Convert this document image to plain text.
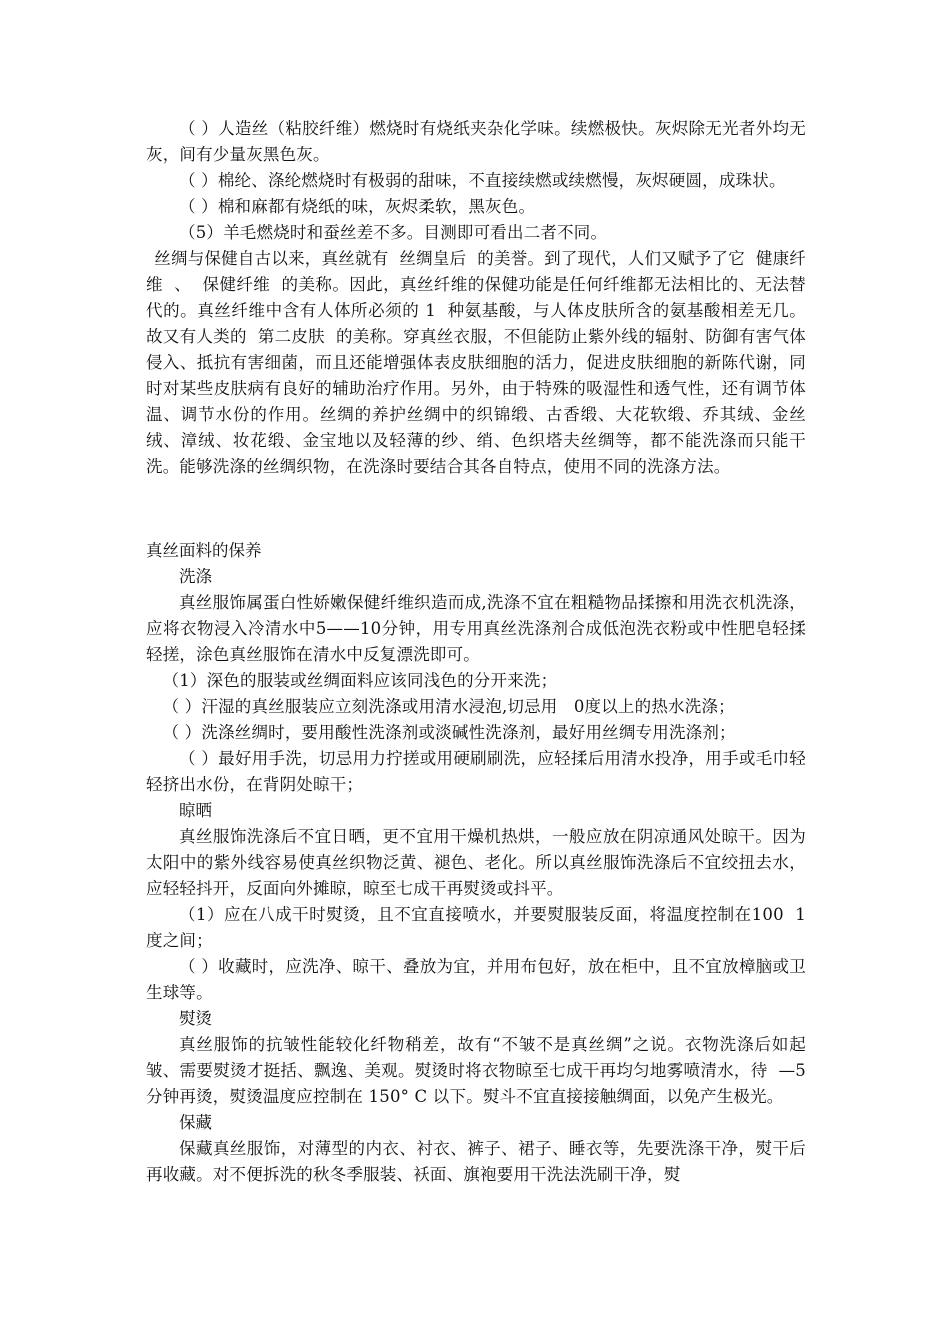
（ ）人造丝（粘胶纤维）燃烧时有烧纸夹杂化学味。续燃极快。灰烬除无光者外均无灰，间有少量灰黑色灰。

（ ）棉纶、涤纶燃烧时有极弱的甜味，不直接续燃或续燃慢，灰烬硬圆，成珠状。

（ ）棉和麻都有烧纸的味，灰烬柔软，黑灰色。

（5）羊毛燃烧时和蚕丝差不多。目测即可看出二者不同。

丝绸与保健自古以来，真丝就有  丝绸皇后  的美誉。到了现代，人们又赋予了它  健康纤维  、  保健纤维  的美称。因此，真丝纤维的保健功能是任何纤维都无法相比的、无法替代的。真丝纤维中含有人体所必须的 1  种氨基酸，与人体皮肤所含的氨基酸相差无几。故又有人类的  第二皮肤  的美称。穿真丝衣服，不但能防止紫外线的辐射、防御有害气体侵入、抵抗有害细菌，而且还能增强体表皮肤细胞的活力，促进皮肤细胞的新陈代谢，同时对某些皮肤病有良好的辅助治疗作用。另外，由于特殊的吸湿性和透气性，还有调节体温、调节水份的作用。丝绸的养护丝绸中的织锦缎、古香缎、大花软缎、乔其绒、金丝绒、漳绒、妆花缎、金宝地以及轻薄的纱、绡、色织塔夫丝绸等，都不能洗涤而只能干洗。能够洗涤的丝绸织物，在洗涤时要结合其各自特点，使用不同的洗涤方法。

真丝面料的保养

洗涤

真丝服饰属蛋白性娇嫩保健纤维织造而成,洗涤不宜在粗糙物品揉擦和用洗衣机洗涤，应将衣物浸入冷清水中5——10分钟，用专用真丝洗涤剂合成低泡洗衣粉或中性肥皂轻揉轻搓，涂色真丝服饰在清水中反复漂洗即可。

（1）深色的服装或丝绸面料应该同浅色的分开来洗；

（ ）汗湿的真丝服装应立刻洗涤或用清水浸泡,切忌用   0度以上的热水洗涤；

（ ）洗涤丝绸时，要用酸性洗涤剂或淡碱性洗涤剂，最好用丝绸专用洗涤剂；

（ ）最好用手洗，切忌用力拧搓或用硬刷刷洗，应轻揉后用清水投净，用手或毛巾轻轻挤出水份，在背阴处晾干；

晾晒

真丝服饰洗涤后不宜日晒，更不宜用干燥机热烘，一般应放在阴凉通风处晾干。因为太阳中的紫外线容易使真丝织物泛黄、褪色、老化。所以真丝服饰洗涤后不宜绞扭去水，应轻轻抖开，反面向外摊晾，晾至七成干再熨烫或抖平。

（1）应在八成干时熨烫，且不宜直接喷水，并要熨服装反面，将温度控制在100  1  度之间；

（ ）收藏时，应洗净、晾干、叠放为宜，并用布包好，放在柜中，且不宜放樟脑或卫生球等。

熨烫

真丝服饰的抗皱性能较化纤物稍差，故有“不皱不是真丝绸”之说。衣物洗涤后如起皱、需要熨烫才挺括、飘逸、美观。熨烫时将衣物晾至七成干再均匀地雾喷清水，待  —5 分钟再烫，熨烫温度应控制在 150° C 以下。熨斗不宜直接接触绸面，以免产生极光。

保藏

保藏真丝服饰，对薄型的内衣、衬衣、裤子、裙子、睡衣等，先要洗涤干净，熨干后再收藏。对不便拆洗的秋冬季服装、袄面、旗袍要用干洗法洗刷干净，熨
